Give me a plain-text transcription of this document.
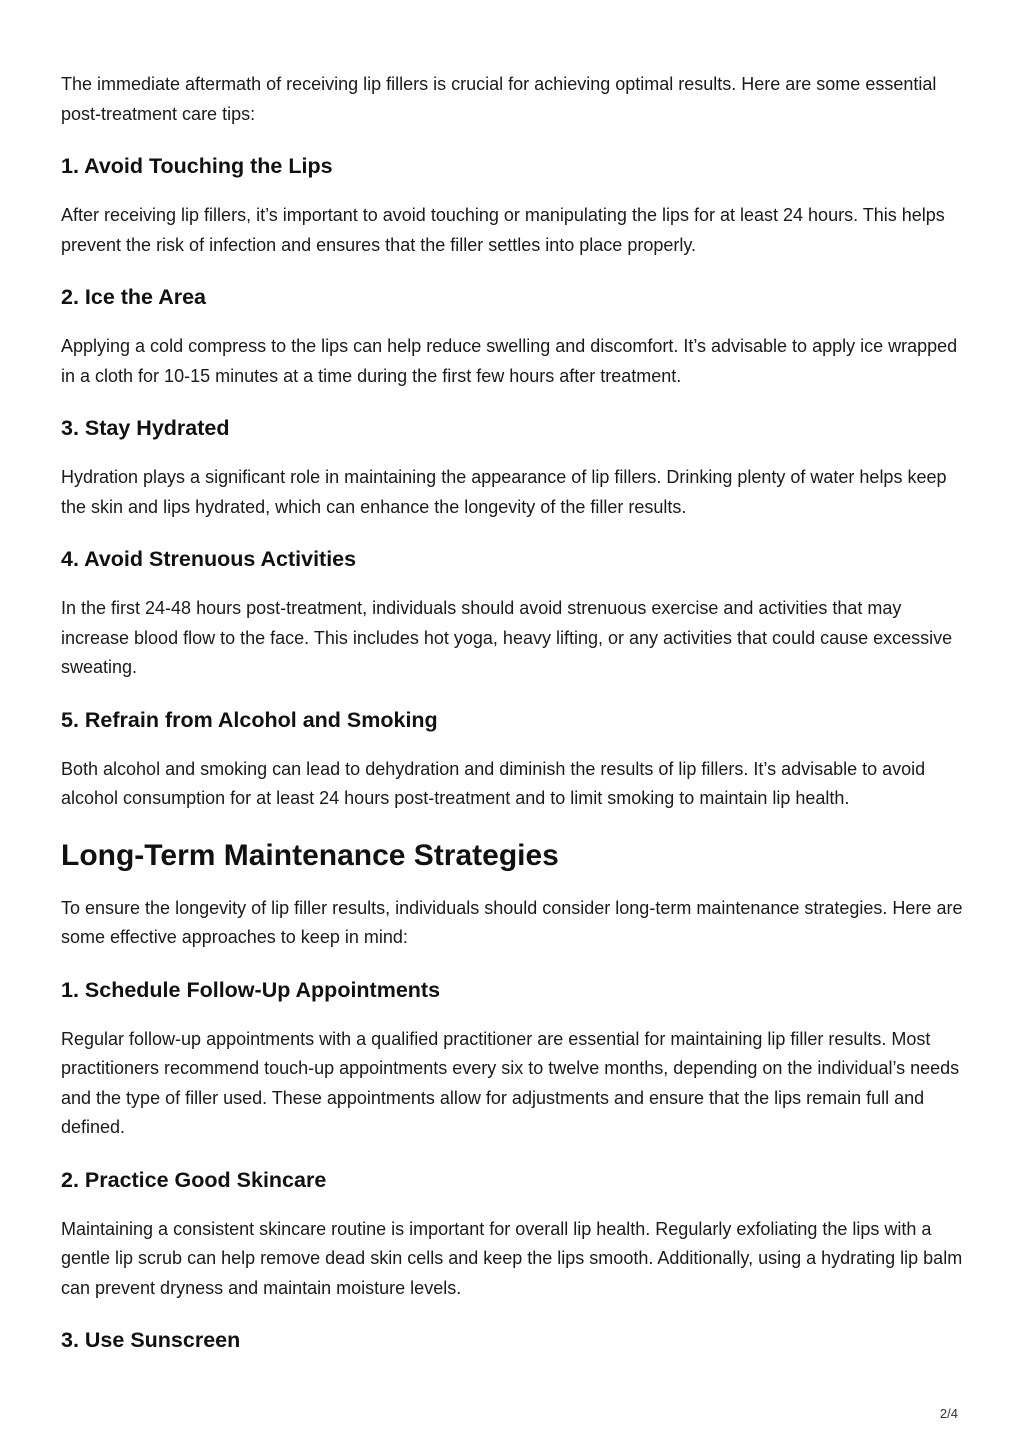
The immediate aftermath of receiving lip fillers is crucial for achieving optimal results. Here are some essential post-treatment care tips:

1. Avoid Touching the Lips

After receiving lip fillers, it’s important to avoid touching or manipulating the lips for at least 24 hours. This helps prevent the risk of infection and ensures that the filler settles into place properly.

2. Ice the Area

Applying a cold compress to the lips can help reduce swelling and discomfort. It’s advisable to apply ice wrapped in a cloth for 10-15 minutes at a time during the first few hours after treatment.

3. Stay Hydrated

Hydration plays a significant role in maintaining the appearance of lip fillers. Drinking plenty of water helps keep the skin and lips hydrated, which can enhance the longevity of the filler results.

4. Avoid Strenuous Activities

In the first 24-48 hours post-treatment, individuals should avoid strenuous exercise and activities that may increase blood flow to the face. This includes hot yoga, heavy lifting, or any activities that could cause excessive sweating.

5. Refrain from Alcohol and Smoking

Both alcohol and smoking can lead to dehydration and diminish the results of lip fillers. It’s advisable to avoid alcohol consumption for at least 24 hours post-treatment and to limit smoking to maintain lip health.

Long-Term Maintenance Strategies

To ensure the longevity of lip filler results, individuals should consider long-term maintenance strategies. Here are some effective approaches to keep in mind:

1. Schedule Follow-Up Appointments

Regular follow-up appointments with a qualified practitioner are essential for maintaining lip filler results. Most practitioners recommend touch-up appointments every six to twelve months, depending on the individual’s needs and the type of filler used. These appointments allow for adjustments and ensure that the lips remain full and defined.

2. Practice Good Skincare

Maintaining a consistent skincare routine is important for overall lip health. Regularly exfoliating the lips with a gentle lip scrub can help remove dead skin cells and keep the lips smooth. Additionally, using a hydrating lip balm can prevent dryness and maintain moisture levels.

3. Use Sunscreen
2/4
